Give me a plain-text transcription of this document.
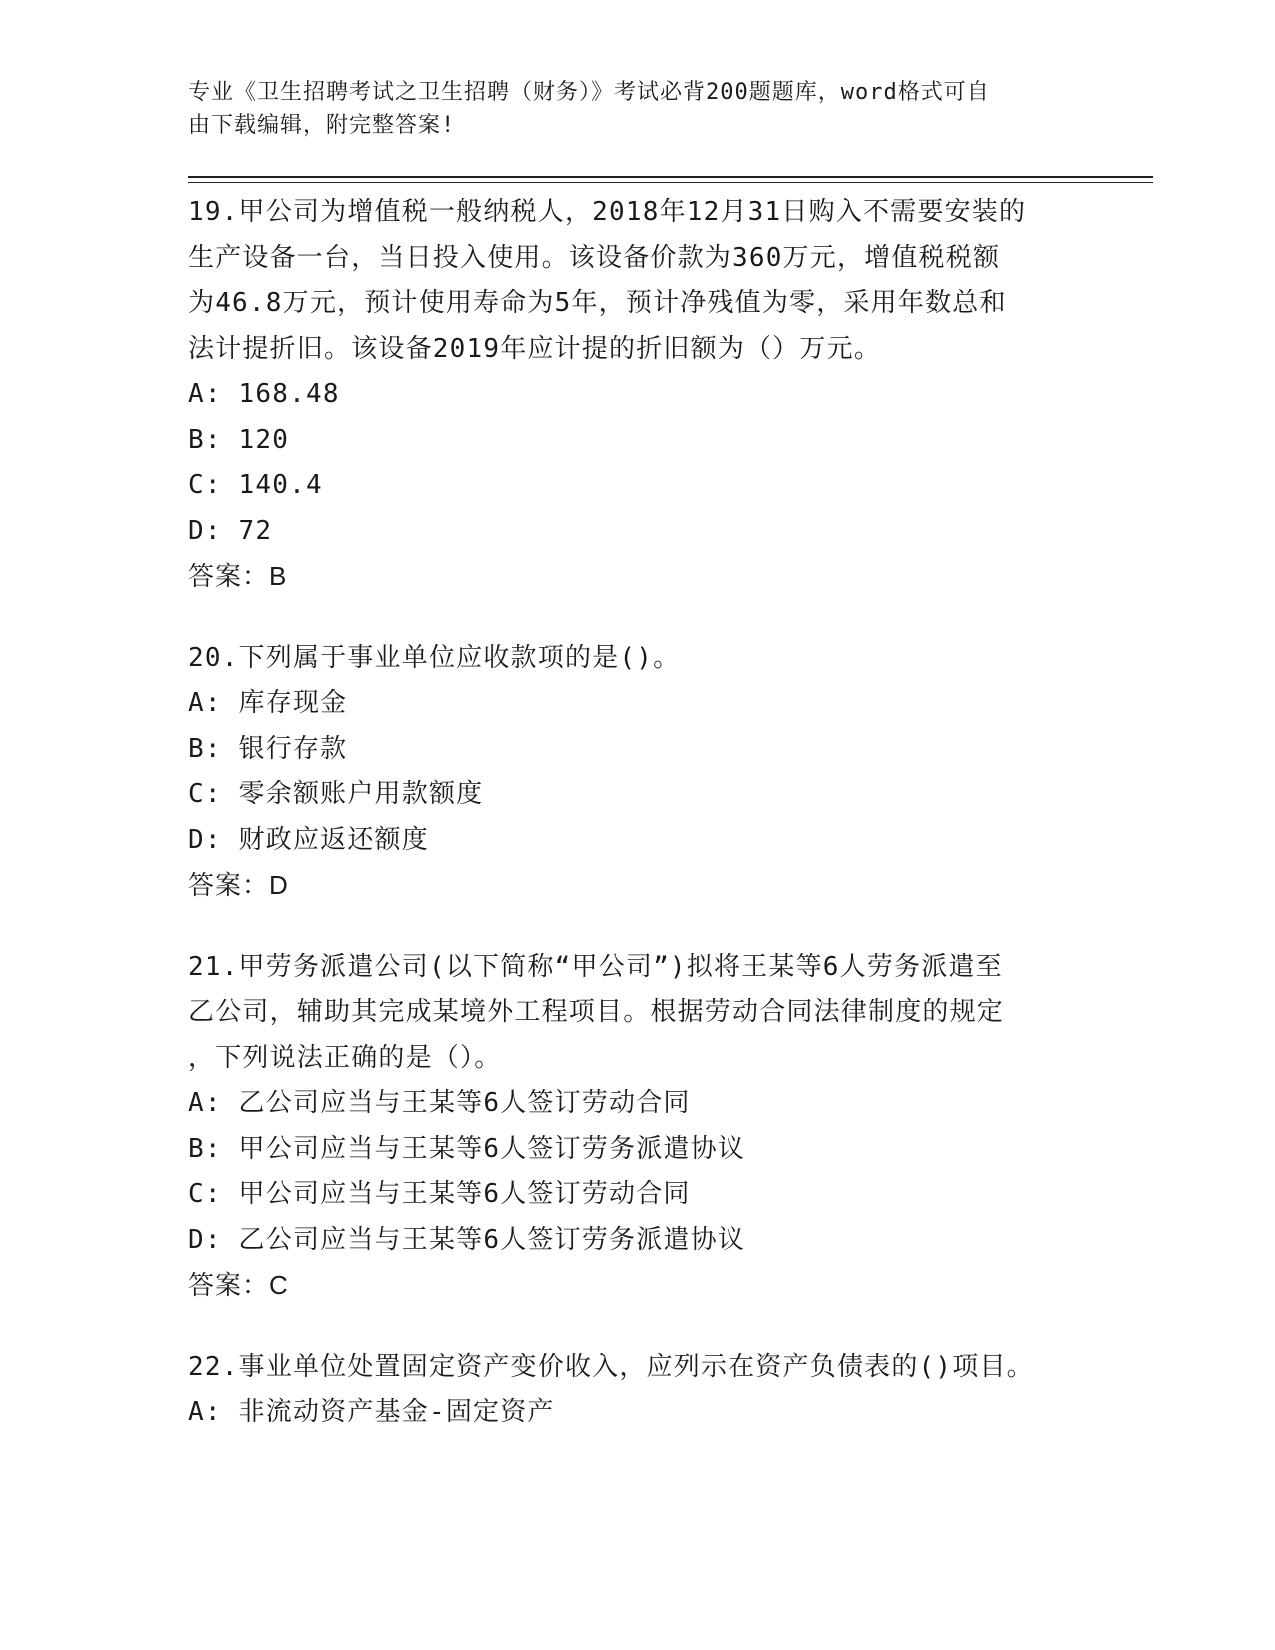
专业《卫生招聘考试之卫生招聘（财务）》考试必背200题题库，word格式可自
由下载编辑，附完整答案!
19.甲公司为增值税一般纳税人，2018年12月31日购入不需要安装的
生产设备一台，当日投入使用。该设备价款为360万元，增值税税额
为46.8万元，预计使用寿命为5年，预计净残值为零，采用年数总和
法计提折旧。该设备2019年应计提的折旧额为（）万元。
A: 168.48
B: 120
C: 140.4
D: 72
答案：B
20.下列属于事业单位应收款项的是()。
A: 库存现金
B: 银行存款
C: 零余额账户用款额度
D: 财政应返还额度
答案：D
21.甲劳务派遣公司(以下简称“甲公司”)拟将王某等6人劳务派遣至
乙公司，辅助其完成某境外工程项目。根据劳动合同法律制度的规定
，下列说法正确的是（）。
A: 乙公司应当与王某等6人签订劳动合同
B: 甲公司应当与王某等6人签订劳务派遣协议
C: 甲公司应当与王某等6人签订劳动合同
D: 乙公司应当与王某等6人签订劳务派遣协议
答案：C
22.事业单位处置固定资产变价收入，应列示在资产负债表的()项目。
A: 非流动资产基金-固定资产
